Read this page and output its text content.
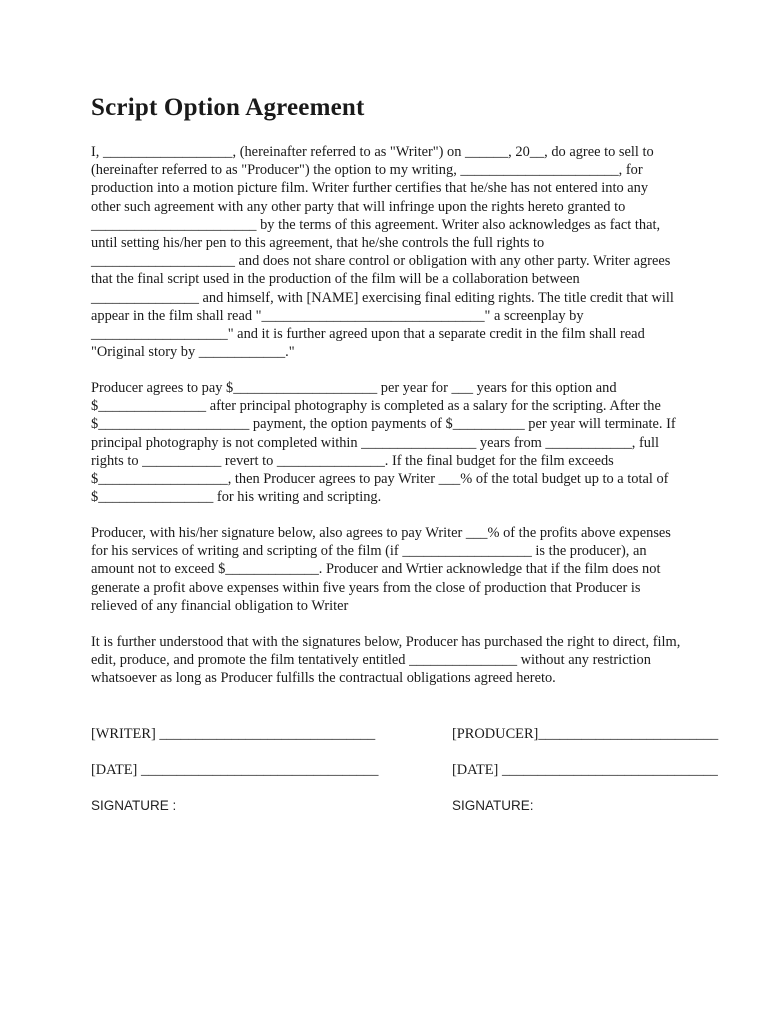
Script Option Agreement

I, __________________, (hereinafter referred to as "Writer") on ______, 20__, do agree to sell to (hereinafter referred to as "Producer") the option to my writing, ______________________, for production into a motion picture film. Writer further certifies that he/she has not entered into any other such agreement with any other party that will infringe upon the rights hereto granted to _______________________ by the terms of this agreement. Writer also acknowledges as fact that, until setting his/her pen to this agreement, that he/she controls the full rights to ____________________ and does not share control or obligation with any other party. Writer agrees that the final script used in the production of the film will be a collaboration between _______________ and himself, with [NAME] exercising final editing rights. The title credit that will appear in the film shall read "_______________________________" a screenplay by ___________________" and it is further agreed upon that a separate credit in the film shall read "Original story by ____________."

Producer agrees to pay $____________________ per year for ___ years for this option and $_______________ after principal photography is completed as a salary for the scripting. After the $_____________________ payment, the option payments of $__________ per year will terminate. If principal photography is not completed within ________________ years from ____________, full rights to ___________ revert to _______________. If the final budget for the film exceeds $__________________, then Producer agrees to pay Writer ___% of the total budget up to a total of $________________ for his writing and scripting.

Producer, with his/her signature below, also agrees to pay Writer ___% of the profits above expenses for his services of writing and scripting of the film (if __________________ is the producer), an amount not to exceed $_____________. Producer and Wrtier acknowledge that if the film does not generate a profit above expenses within five years from the close of production that Producer is relieved of any financial obligation to Writer

It is further understood that with the signatures below, Producer has purchased the right to direct, film, edit, produce, and promote the film tentatively entitled _______________ without any restriction whatsoever as long as Producer fulfills the contractual obligations agreed hereto.

[WRITER] ______________________________	[PRODUCER]_________________________

[DATE] _________________________________	[DATE] ______________________________

SIGNATURE :	SIGNATURE:
